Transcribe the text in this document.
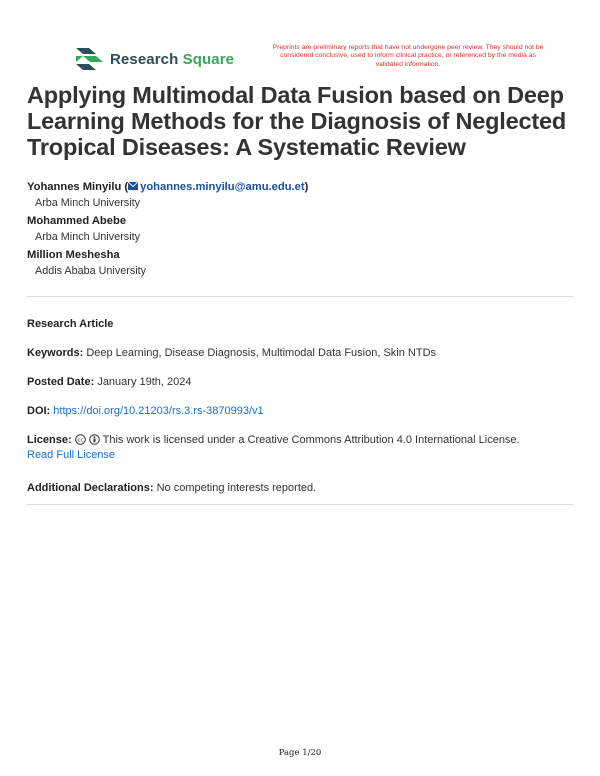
Research Square
Preprints are preliminary reports that have not undergone peer review. They should not be considered conclusive, used to inform clinical practice, or referenced by the media as validated information.
Applying Multimodal Data Fusion based on Deep Learning Methods for the Diagnosis of Neglected Tropical Diseases: A Systematic Review
Yohannes Minyilu ( yohannes.minyilu@amu.edu.et)
Arba Minch University
Mohammed Abebe
Arba Minch University
Million Meshesha
Addis Ababa University
Research Article
Keywords: Deep Learning, Disease Diagnosis, Multimodal Data Fusion, Skin NTDs
Posted Date: January 19th, 2024
DOI: https://doi.org/10.21203/rs.3.rs-3870993/v1
License: cc This work is licensed under a Creative Commons Attribution 4.0 International License.
Read Full License
Additional Declarations: No competing interests reported.
Page 1/20
